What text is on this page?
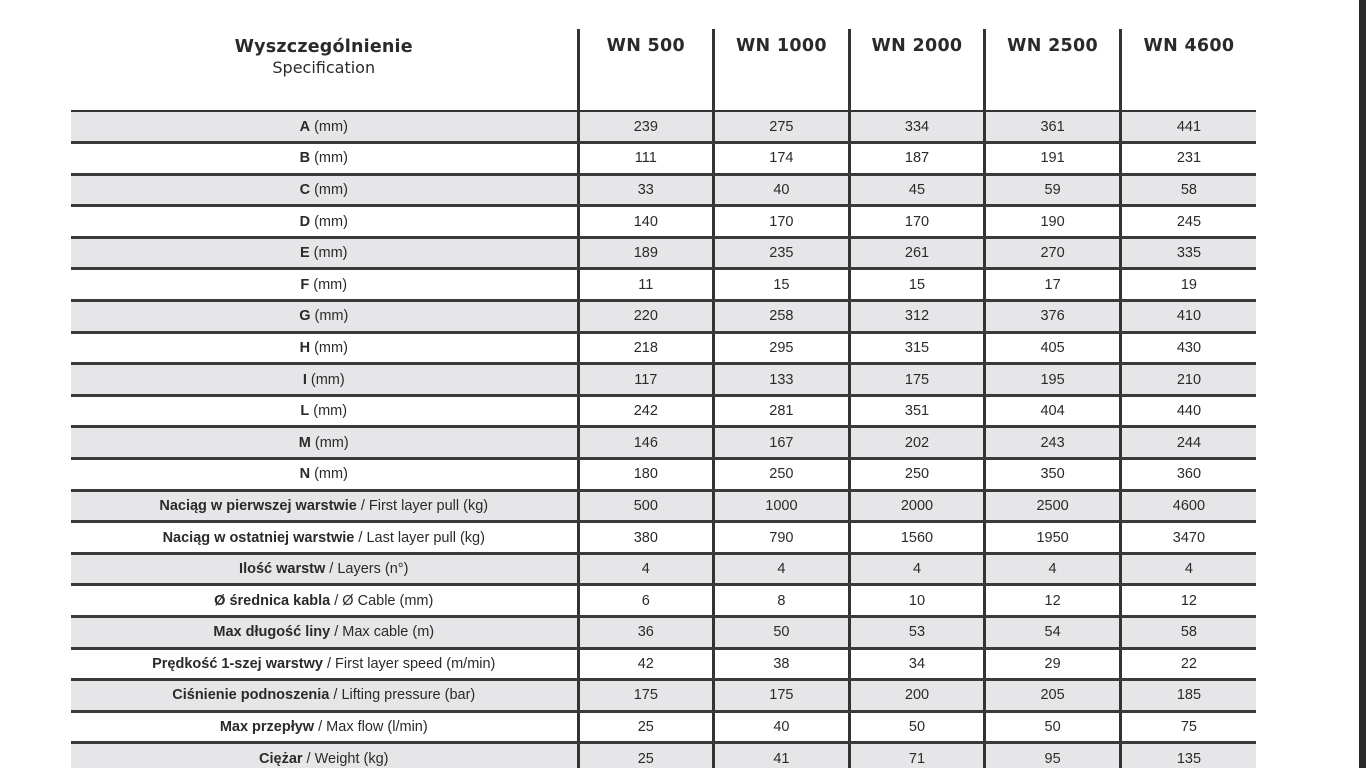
Wyszczególnienie
Specification	WN 500	WN 1000	WN 2000	WN 2500	WN 4600
A (mm)	239	275	334	361	441
B (mm)	111	174	187	191	231
C (mm)	33	40	45	59	58
D (mm)	140	170	170	190	245
E (mm)	189	235	261	270	335
F (mm)	11	15	15	17	19
G (mm)	220	258	312	376	410
H (mm)	218	295	315	405	430
I (mm)	117	133	175	195	210
L (mm)	242	281	351	404	440
M (mm)	146	167	202	243	244
N (mm)	180	250	250	350	360
Naciąg w pierwszej warstwie / First layer pull (kg)	500	1000	2000	2500	4600
Naciąg w ostatniej warstwie / Last layer pull (kg)	380	790	1560	1950	3470
Ilość warstw / Layers (n°)	4	4	4	4	4
Ø średnica kabla / Ø Cable (mm)	6	8	10	12	12
Max długość liny / Max cable (m)	36	50	53	54	58
Prędkość 1-szej warstwy / First layer speed (m/min)	42	38	34	29	22
Ciśnienie podnoszenia / Lifting pressure (bar)	175	175	200	205	185
Max przepływ / Max flow (l/min)	25	40	50	50	75
Ciężar / Weight (kg)	25	41	71	95	135
